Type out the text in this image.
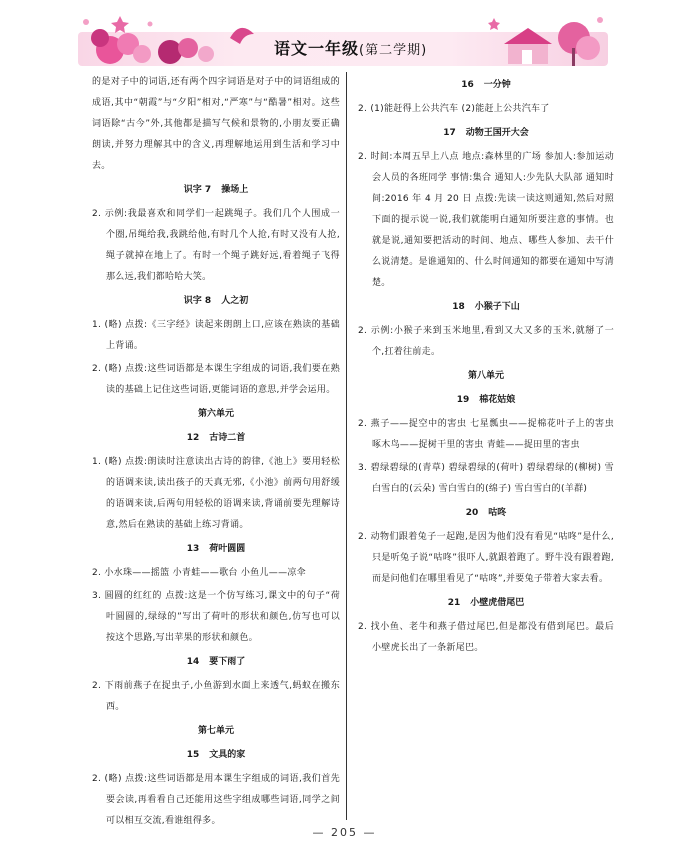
语文一年级(第二学期)

的是对子中的词语,还有两个四字词语是对子中的词语组成的成语,其中“朝霞”与“夕阳”相对,“严寒”与“酷暑”相对。这些词语除“古今”外,其他都是描写气候和景物的,小朋友要正确朗读,并努力理解其中的含义,再理解地运用到生活和学习中去。

识字 7 操场上

2. 示例:我最喜欢和同学们一起跳绳子。我们几个人围成一个圈,吊绳给我,我跳给他,有时几个人抢,有时又没有人抢,绳子就掉在地上了。有时一个绳子跳好远,看着绳子飞得那么远,我们都哈哈大笑。

识字 8 人之初

1. (略) 点拨:《三字经》读起来朗朗上口,应该在熟读的基础上背诵。

2. (略) 点拨:这些词语都是本课生字组成的词语,我们要在熟读的基础上记住这些词语,更能词语的意思,并学会运用。

第六单元
12 古诗二首

1. (略) 点拨:朗读时注意读出古诗的韵律,《池上》要用轻松的语调来读,读出孩子的天真无邪,《小池》前两句用舒缓的语调来读,后两句用轻松的语调来读,背诵前要先理解诗意,然后在熟读的基础上练习背诵。

13 荷叶圆圆

2. 小水珠——摇篮 小青蛙——歌台 小鱼儿——凉伞

3. 圆圆的红红的 点拨:这是一个仿写练习,课文中的句子“荷叶圆圆的,绿绿的”写出了荷叶的形状和颜色,仿写也可以按这个思路,写出苹果的形状和颜色。

14 要下雨了

2. 下雨前燕子在捉虫子,小鱼游到水面上来透气,蚂蚁在搬东西。

第七单元
15 文具的家

2. (略) 点拨:这些词语都是用本课生字组成的词语,我们首先要会读,再看看自己还能用这些字组成哪些词语,同学之间可以相互交流,看谁组得多。

16 一分钟

2. (1)能赶得上公共汽车 (2)能赶上公共汽车了

17 动物王国开大会

2. 时间:本周五早上八点 地点:森林里的广场 参加人:参加运动会人员的各班同学 事情:集合 通知人:少先队大队部 通知时间:2016 年 4 月 20 日 点拨:先读一读这则通知,然后对照下面的提示说一说,我们就能明白通知所要注意的事情。也就是说,通知要把活动的时间、地点、哪些人参加、去干什么说清楚。是谁通知的、什么时间通知的都要在通知中写清楚。

18 小猴子下山

2. 示例:小猴子来到玉米地里,看到又大又多的玉米,就掰了一个,扛着往前走。

第八单元
19 棉花姑娘

2. 燕子——捉空中的害虫 七星瓢虫——捉棉花叶子上的害虫 啄木鸟——捉树干里的害虫 青蛙——捉田里的害虫

3. 碧绿碧绿的(青草) 碧绿碧绿的(荷叶) 碧绿碧绿的(柳树) 雪白雪白的(云朵) 雪白雪白的(绵子) 雪白雪白的(羊群)

20 咕咚

2. 动物们跟着兔子一起跑,是因为他们没有看见“咕咚”是什么,只是听兔子说“咕咚”很吓人,就跟着跑了。野牛没有跟着跑,而是问他们在哪里看见了“咕咚”,并要兔子带着大家去看。

21 小壁虎借尾巴

2. 找小鱼、老牛和燕子借过尾巴,但是都没有借到尾巴。最后小壁虎长出了一条新尾巴。

— 205 —
